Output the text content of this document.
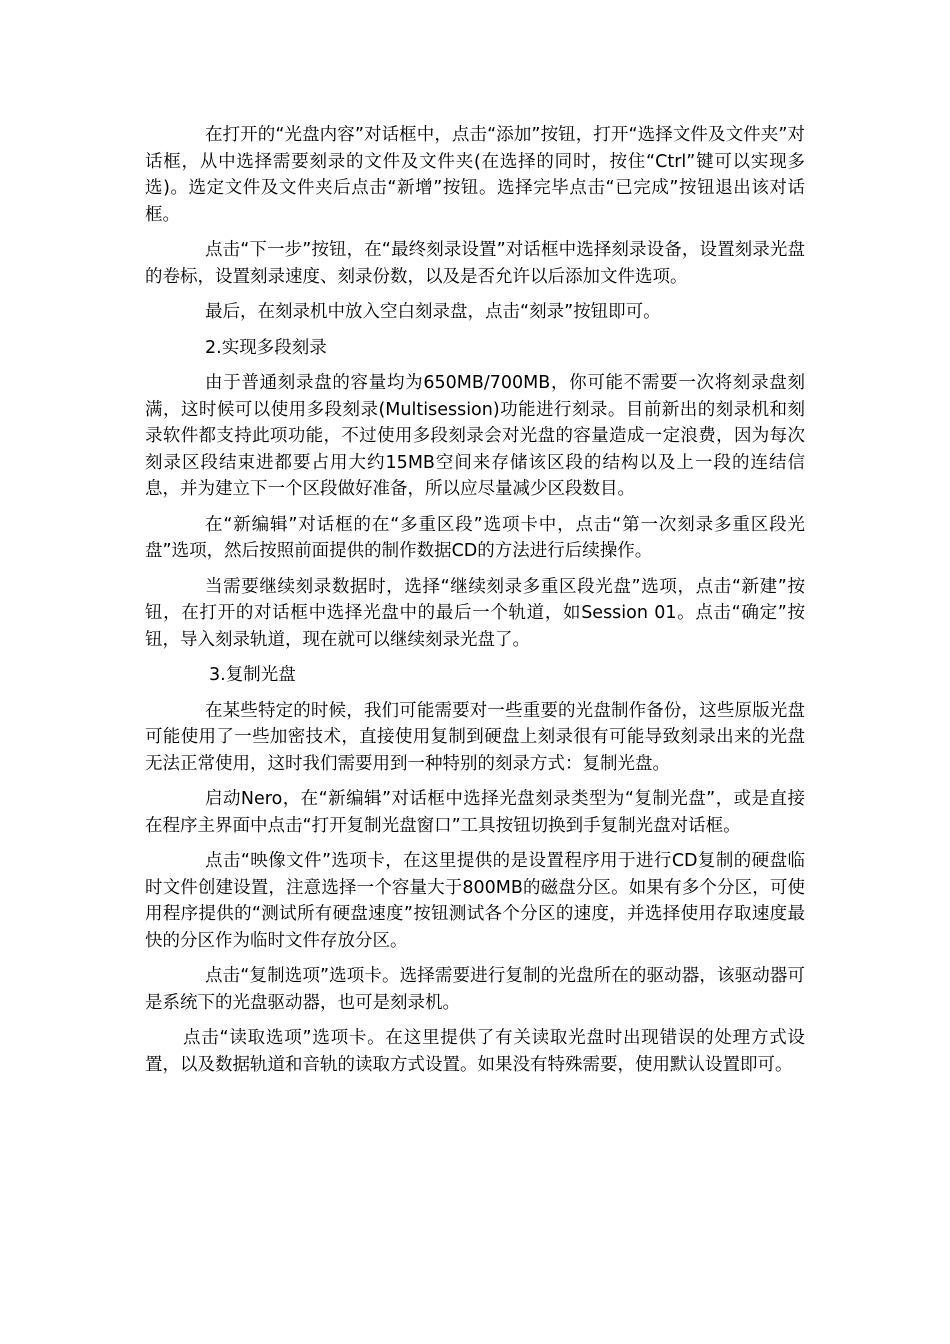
在打开的“光盘内容”对话框中，点击“添加”按钮，打开“选择文件及文件夹”对话框，从中选择需要刻录的文件及文件夹(在选择的同时，按住“Ctrl”键可以实现多选)。选定文件及文件夹后点击“新增”按钮。选择完毕点击“已完成”按钮退出该对话框。

点击“下一步”按钮，在“最终刻录设置”对话框中选择刻录设备，设置刻录光盘的卷标，设置刻录速度、刻录份数，以及是否允许以后添加文件选项。

最后，在刻录机中放入空白刻录盘，点击“刻录”按钮即可。

2.实现多段刻录

由于普通刻录盘的容量均为650MB/700MB，你可能不需要一次将刻录盘刻满，这时候可以使用多段刻录(Multisession)功能进行刻录。目前新出的刻录机和刻录软件都支持此项功能，不过使用多段刻录会对光盘的容量造成一定浪费，因为每次刻录区段结束进都要占用大约15MB空间来存储该区段的结构以及上一段的连结信息，并为建立下一个区段做好准备，所以应尽量减少区段数目。

在“新编辑”对话框的在“多重区段”选项卡中，点击“第一次刻录多重区段光盘”选项，然后按照前面提供的制作数据CD的方法进行后续操作。

当需要继续刻录数据时，选择“继续刻录多重区段光盘”选项，点击“新建”按钮，在打开的对话框中选择光盘中的最后一个轨道，如Session 01。点击“确定”按钮，导入刻录轨道，现在就可以继续刻录光盘了。

3.复制光盘

在某些特定的时候，我们可能需要对一些重要的光盘制作备份，这些原版光盘可能使用了一些加密技术，直接使用复制到硬盘上刻录很有可能导致刻录出来的光盘无法正常使用，这时我们需要用到一种特别的刻录方式：复制光盘。

启动Nero，在“新编辑”对话框中选择光盘刻录类型为“复制光盘”，或是直接在程序主界面中点击“打开复制光盘窗口”工具按钮切换到手复制光盘对话框。

点击“映像文件”选项卡，在这里提供的是设置程序用于进行CD复制的硬盘临时文件创建设置，注意选择一个容量大于800MB的磁盘分区。如果有多个分区，可使用程序提供的“测试所有硬盘速度”按钮测试各个分区的速度，并选择使用存取速度最快的分区作为临时文件存放分区。

点击“复制选项”选项卡。选择需要进行复制的光盘所在的驱动器，该驱动器可是系统下的光盘驱动器，也可是刻录机。

点击“读取选项”选项卡。在这里提供了有关读取光盘时出现错误的处理方式设置，以及数据轨道和音轨的读取方式设置。如果没有特殊需要，使用默认设置即可。
